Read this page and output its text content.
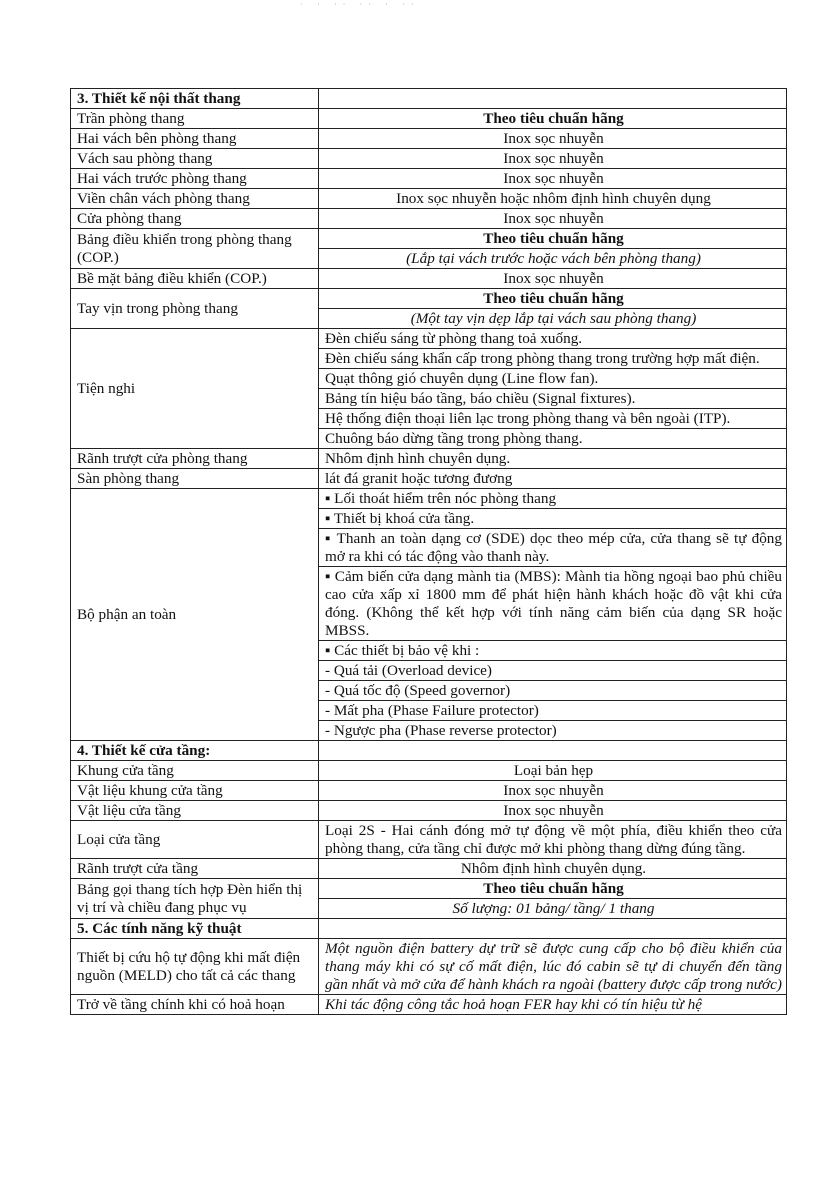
· · ·· ·· · ··
3. Thiết kế nội thất thang	
Trần phòng thang	Theo tiêu chuẩn hãng
Hai vách bên phòng thang	Inox sọc nhuyễn
Vách sau phòng thang	Inox sọc nhuyễn
Hai vách trước phòng thang	Inox sọc nhuyễn
Viền chân vách phòng thang	Inox sọc nhuyễn hoặc nhôm định hình chuyên dụng
Cửa phòng thang	Inox sọc nhuyễn
Bảng điều khiển trong phòng thang (COP.)	Theo tiêu chuẩn hãng
	(Lắp tại vách trước hoặc vách bên phòng thang)
Bề mặt bảng điều khiển (COP.)	Inox sọc nhuyễn
Tay vịn trong phòng thang	Theo tiêu chuẩn hãng
	(Một tay vịn dẹp lắp tại vách sau phòng thang)
Tiện nghi	Đèn chiếu sáng từ phòng thang toả xuống.
	Đèn chiếu sáng khẩn cấp trong phòng thang trong trường hợp mất điện.
	Quạt thông gió chuyên dụng (Line flow fan).
	Bảng tín hiệu báo tầng, báo chiều (Signal fixtures).
	Hệ thống điện thoại liên lạc trong phòng thang và bên ngoài (ITP).
	Chuông báo dừng tầng trong phòng thang.
Rãnh trượt cửa phòng thang	Nhôm định hình chuyên dụng.
Sàn phòng thang	lát đá granit hoặc tương đương
Bộ phận an toàn	▪ Lối thoát hiểm trên nóc phòng thang
	▪ Thiết bị khoá cửa tầng.
	▪ Thanh an toàn dạng cơ (SDE) dọc theo mép cửa, cửa thang sẽ tự động mở ra khi có tác động vào thanh này.
	▪ Cảm biến cửa dạng mành tia (MBS): Mành tia hồng ngoại bao phủ chiều cao cửa xấp xỉ 1800 mm để phát hiện hành khách hoặc đồ vật khi cửa đóng. (Không thể kết hợp với tính năng cảm biến của dạng SR hoặc MBSS.
	▪ Các thiết bị bảo vệ khi :
	- Quá tải (Overload device)
	- Quá tốc độ (Speed governor)
	- Mất pha (Phase Failure protector)
	- Ngược pha (Phase reverse protector)
4. Thiết kế cửa tầng:	
Khung cửa tầng	Loại bản hẹp
Vật liệu khung cửa tầng	Inox sọc nhuyễn
Vật liệu cửa tầng	Inox sọc nhuyễn
Loại cửa tầng	Loại 2S - Hai cánh đóng mở tự động về một phía, điều khiển theo cửa phòng thang, cửa tầng chỉ được mở khi phòng thang dừng đúng tầng.
Rãnh trượt cửa tầng	Nhôm định hình chuyên dụng.
Bảng gọi thang tích hợp Đèn hiển thị vị trí và chiều đang phục vụ	Theo tiêu chuẩn hãng
	Số lượng: 01 bảng/ tầng/ 1 thang
5. Các tính năng kỹ thuật	
Thiết bị cứu hộ tự động khi mất điện nguồn (MELD) cho tất cả các thang	Một nguồn điện battery dự trữ sẽ được cung cấp cho bộ điều khiển của thang máy khi có sự cố mất điện, lúc đó cabin sẽ tự di chuyển đến tầng gần nhất và mở cửa để hành khách ra ngoài (battery được cấp trong nước)
Trở về tầng chính khi có hoả hoạn	Khi tác động công tắc hoả hoạn FER hay khi có tín hiệu từ hệ
